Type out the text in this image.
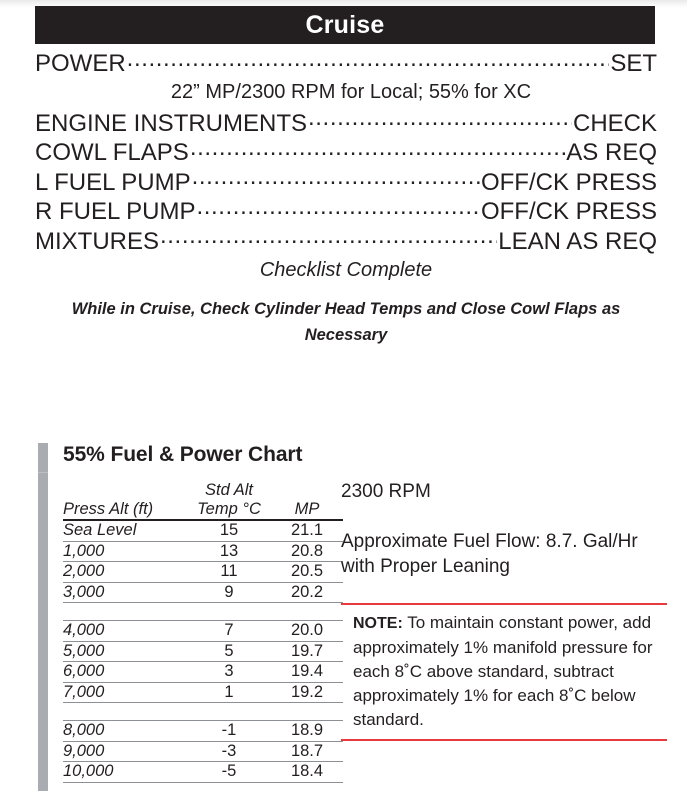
Cruise
POWER .....	SET
22” MP/2300 RPM for Local; 55% for XC
ENGINE INSTRUMENTS .....	CHECK
COWL FLAPS .....	AS REQ
L FUEL PUMP .....	OFF/CK PRESS
R FUEL PUMP .....	OFF/CK PRESS
MIXTURES .....	LEAN AS REQ
Checklist Complete
While in Cruise, Check Cylinder Head Temps and Close Cowl Flaps as Necessary
55% Fuel & Power Chart
	Std Alt	
Press Alt (ft)	Temp °C	MP
Sea Level	15	21.1
1,000	13	20.8
2,000	11	20.5
3,000	9	20.2

4,000	7	20.0
5,000	5	19.7
6,000	3	19.4
7,000	1	19.2

8,000	-1	18.9
9,000	-3	18.7
10,000	-5	18.4
2300 RPM
Approximate Fuel Flow: 8.7. Gal/Hr with Proper Leaning

NOTE: To maintain constant power, add approximately 1% manifold pressure for each 8˚C above standard, subtract approximately 1% for each 8˚C below standard.
